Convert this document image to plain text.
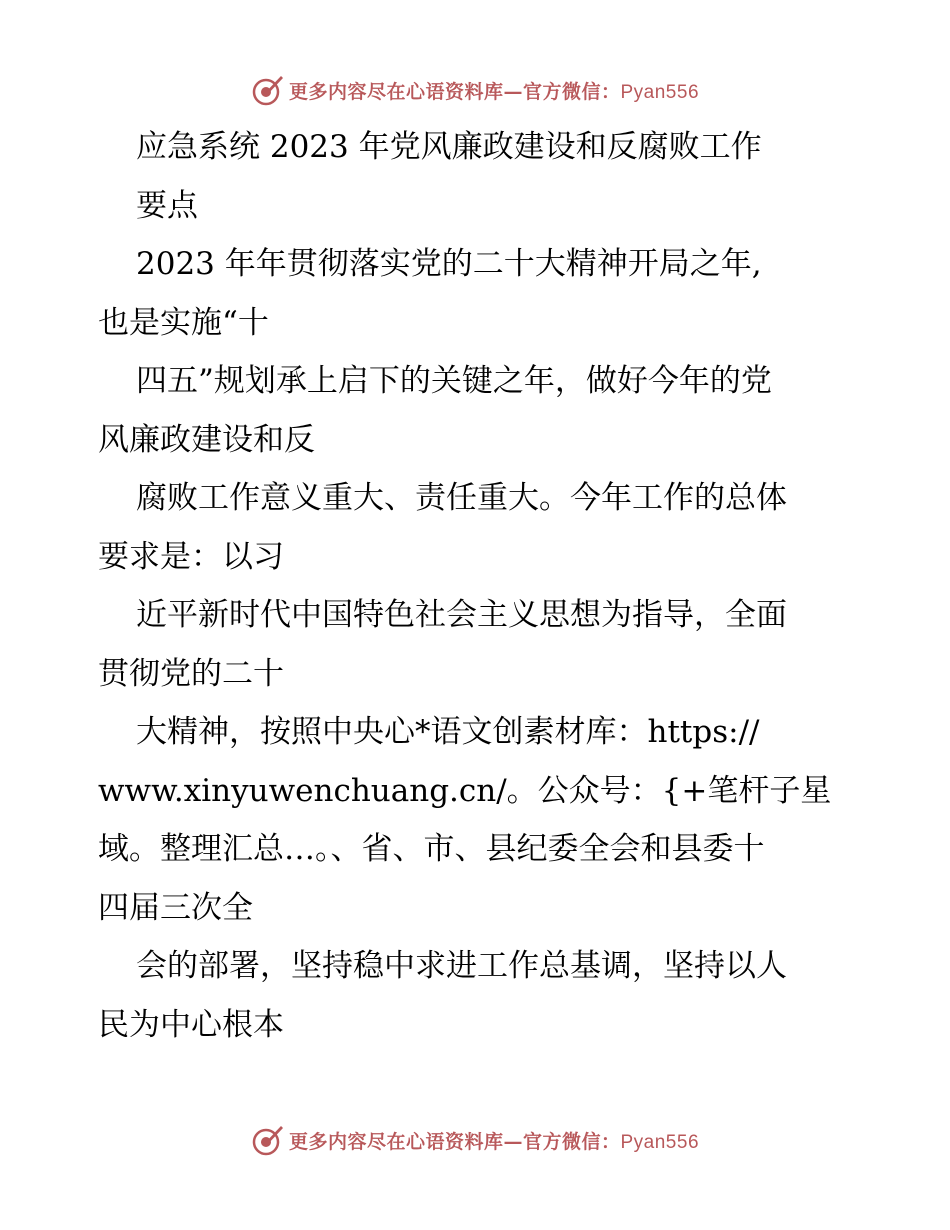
更多内容尽在心语资料库—官方微信：Pyan556
应急系统 2023 年党风廉政建设和反腐败工作
要点
2023 年年贯彻落实党的二十大精神开局之年,
也是实施“十
四五”规划承上启下的关键之年，做好今年的党
风廉政建设和反
腐败工作意义重大、责任重大。今年工作的总体
要求是：以习
近平新时代中国特色社会主义思想为指导，全面
贯彻党的二十
大精神，按照中央心*语文创素材库：https://
www.xinyuwenchuang.cn/。公众号：{+笔杆子星
域。整理汇总…。、省、市、县纪委全会和县委十
四届三次全
会的部署，坚持稳中求进工作总基调，坚持以人
民为中心根本
更多内容尽在心语资料库—官方微信：Pyan556
